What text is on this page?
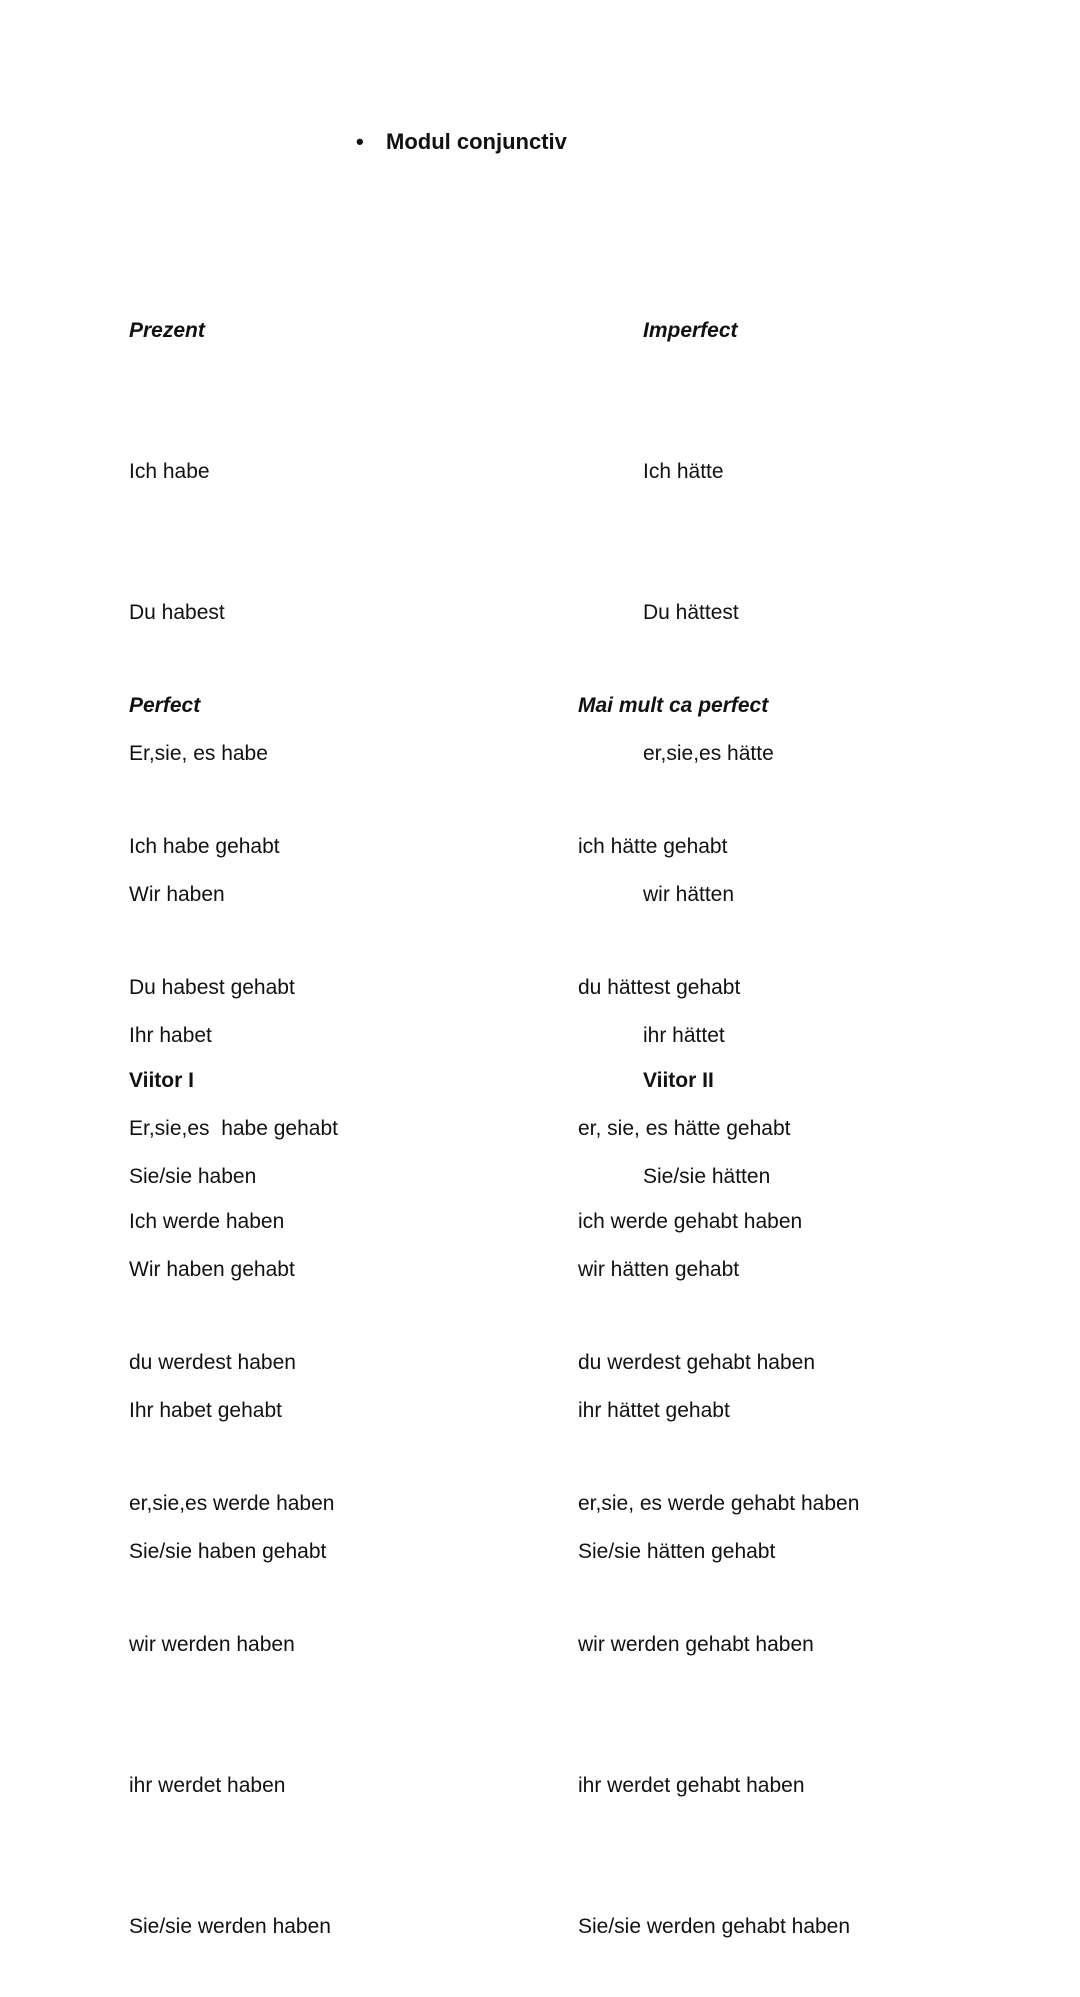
• Modul conjunctiv

Prezent

Ich habe

Du habest

Er,sie, es habe

Wir haben

Ihr habet

Sie/sie haben

Imperfect

Ich hätte

Du hättest

er,sie,es hätte

wir hätten

ihr hättet

Sie/sie hätten

Perfect

Ich habe gehabt

Du habest gehabt

Er,sie,es  habe gehabt

Wir haben gehabt

Ihr habet gehabt

Sie/sie haben gehabt

Mai mult ca perfect

ich hätte gehabt

du hättest gehabt

er, sie, es hätte gehabt

wir hätten gehabt

ihr hättet gehabt

Sie/sie hätten gehabt

Viitor I

Ich werde haben

du werdest haben

er,sie,es werde haben

wir werden haben

ihr werdet haben

Sie/sie werden haben

Viitor II

ich werde gehabt haben

du werdest gehabt haben

er,sie, es werde gehabt haben

wir werden gehabt haben

ihr werdet gehabt haben

Sie/sie werden gehabt haben
